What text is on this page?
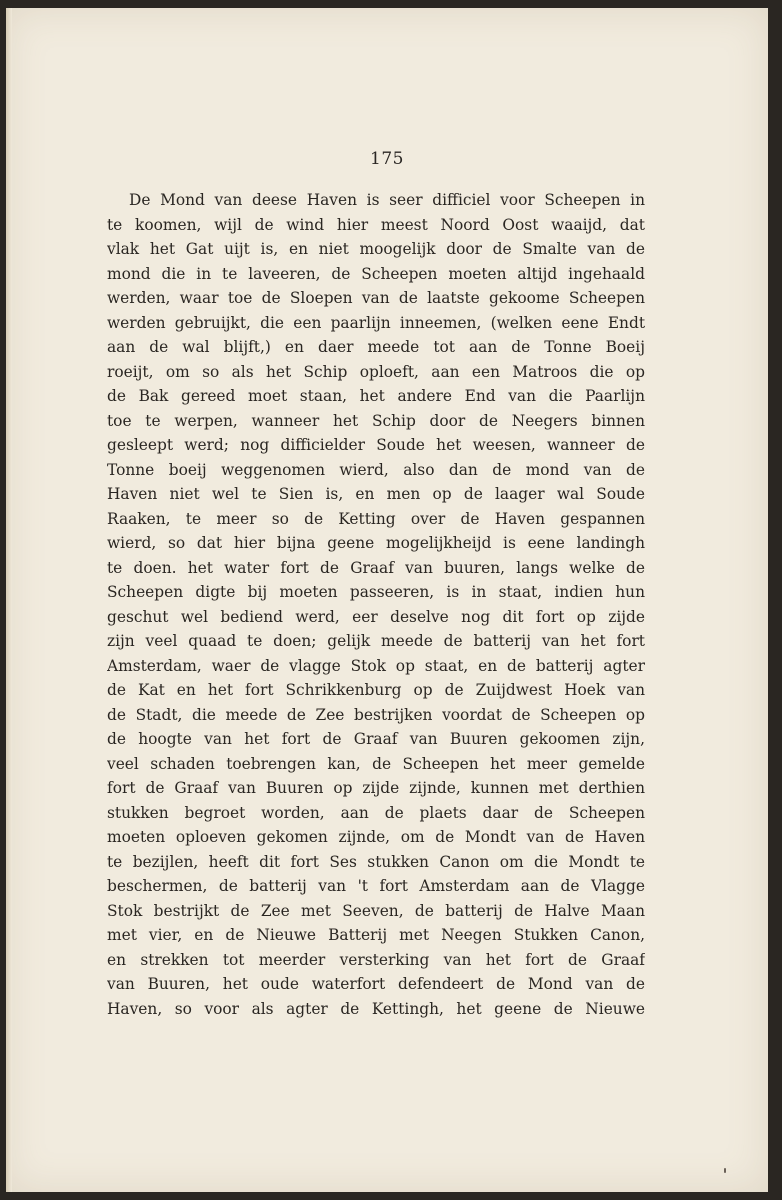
175
De Mond van deese Haven is seer difficiel voor Scheepen in
te koomen, wijl de wind hier meest Noord Oost waaijd, dat
vlak het Gat uijt is, en niet moogelijk door de Smalte van de
mond die in te laveeren, de Scheepen moeten altijd ingehaald
werden, waar toe de Sloepen van de laatste gekoome Scheepen
werden gebruijkt, die een paarlijn inneemen, (welken eene Endt
aan de wal blijft,) en daer meede tot aan de Tonne Boeij
roeijt, om so als het Schip oploeft, aan een Matroos die op
de Bak gereed moet staan, het andere End van die Paarlijn
toe te werpen, wanneer het Schip door de Neegers binnen
gesleept werd; nog difficielder Soude het weesen, wanneer de
Tonne boeij weggenomen wierd, also dan de mond van de
Haven niet wel te Sien is, en men op de laager wal Soude
Raaken, te meer so de Ketting over de Haven gespannen
wierd, so dat hier bijna geene mogelijkheijd is eene landingh
te doen. het water fort de Graaf van buuren, langs welke de
Scheepen digte bij moeten passeeren, is in staat, indien hun
geschut wel bediend werd, eer deselve nog dit fort op zijde
zijn veel quaad te doen; gelijk meede de batterij van het fort
Amsterdam, waer de vlagge Stok op staat, en de batterij agter
de Kat en het fort Schrikkenburg op de Zuijdwest Hoek van
de Stadt, die meede de Zee bestrijken voordat de Scheepen op
de hoogte van het fort de Graaf van Buuren gekoomen zijn,
veel schaden toebrengen kan, de Scheepen het meer gemelde
fort de Graaf van Buuren op zijde zijnde, kunnen met derthien
stukken begroet worden, aan de plaets daar de Scheepen
moeten oploeven gekomen zijnde, om de Mondt van de Haven
te bezijlen, heeft dit fort Ses stukken Canon om die Mondt te
beschermen, de batterij van 't fort Amsterdam aan de Vlagge
Stok bestrijkt de Zee met Seeven, de batterij de Halve Maan
met vier, en de Nieuwe Batterij met Neegen Stukken Canon,
en strekken tot meerder versterking van het fort de Graaf
van Buuren, het oude waterfort defendeert de Mond van de
Haven, so voor als agter de Kettingh, het geene de Nieuwe
